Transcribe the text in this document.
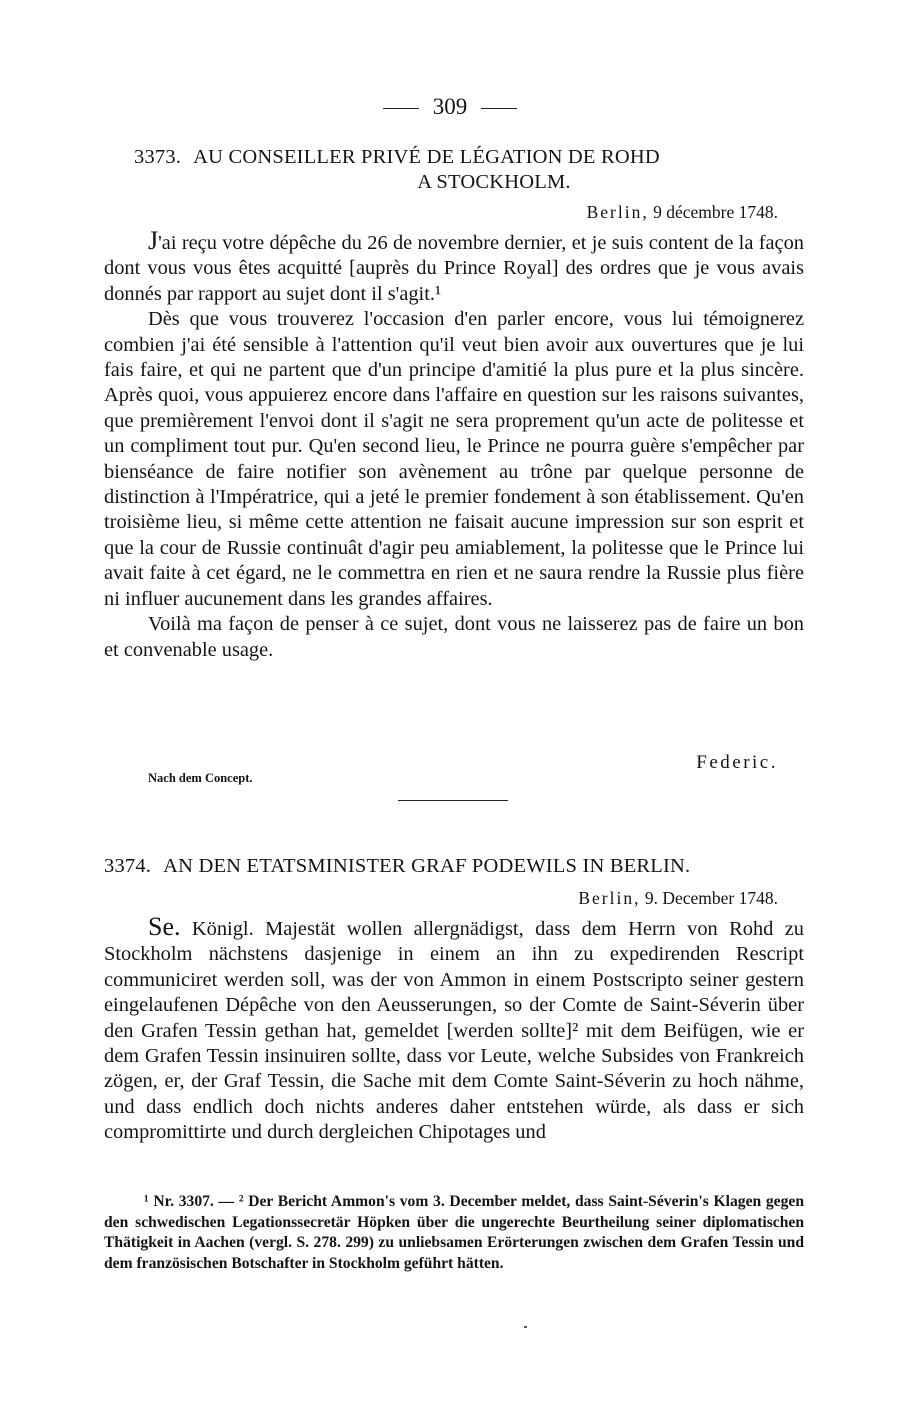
309
3373. AU CONSEILLER PRIVÉ DE LÉGATION DE ROHD
A STOCKHOLM.
Berlin, 9 décembre 1748.

J'ai reçu votre dépêche du 26 de novembre dernier, et je suis content de la façon dont vous vous êtes acquitté [auprès du Prince Royal] des ordres que je vous avais donnés par rapport au sujet dont il s'agit.¹

Dès que vous trouverez l'occasion d'en parler encore, vous lui témoignerez combien j'ai été sensible à l'attention qu'il veut bien avoir aux ouvertures que je lui fais faire, et qui ne partent que d'un principe d'amitié la plus pure et la plus sincère. Après quoi, vous appuierez encore dans l'affaire en question sur les raisons suivantes, que premièrement l'envoi dont il s'agit ne sera proprement qu'un acte de politesse et un compliment tout pur. Qu'en second lieu, le Prince ne pourra guère s'empêcher par bienséance de faire notifier son avènement au trône par quelque personne de distinction à l'Impératrice, qui a jeté le premier fondement à son établissement. Qu'en troisième lieu, si même cette attention ne faisait aucune impression sur son esprit et que la cour de Russie continuât d'agir peu amiablement, la politesse que le Prince lui avait faite à cet égard, ne le commettra en rien et ne saura rendre la Russie plus fière ni influer aucunement dans les grandes affaires.

Voilà ma façon de penser à ce sujet, dont vous ne laisserez pas de faire un bon et convenable usage.

Federic.
Nach dem Concept.
3374. AN DEN ETATSMINISTER GRAF PODEWILS IN BERLIN.
Berlin, 9. December 1748.

Se. Königl. Majestät wollen allergnädigst, dass dem Herrn von Rohd zu Stockholm nächstens dasjenige in einem an ihn zu expedirenden Rescript communiciret werden soll, was der von Ammon in einem Postscripto seiner gestern eingelaufenen Dépêche von den Aeusserungen, so der Comte de Saint-Séverin über den Grafen Tessin gethan hat, gemeldet [werden sollte]² mit dem Beifügen, wie er dem Grafen Tessin insinuiren sollte, dass vor Leute, welche Subsides von Frankreich zögen, er, der Graf Tessin, die Sache mit dem Comte Saint-Séverin zu hoch nähme, und dass endlich doch nichts anderes daher entstehen würde, als dass er sich compromittirte und durch dergleichen Chipotages und

¹ Nr. 3307. — ² Der Bericht Ammon's vom 3. December meldet, dass Saint-Séverin's Klagen gegen den schwedischen Legationssecretär Höpken über die ungerechte Beurtheilung seiner diplomatischen Thätigkeit in Aachen (vergl. S. 278. 299) zu unliebsamen Erörterungen zwischen dem Grafen Tessin und dem französischen Botschafter in Stockholm geführt hätten.
